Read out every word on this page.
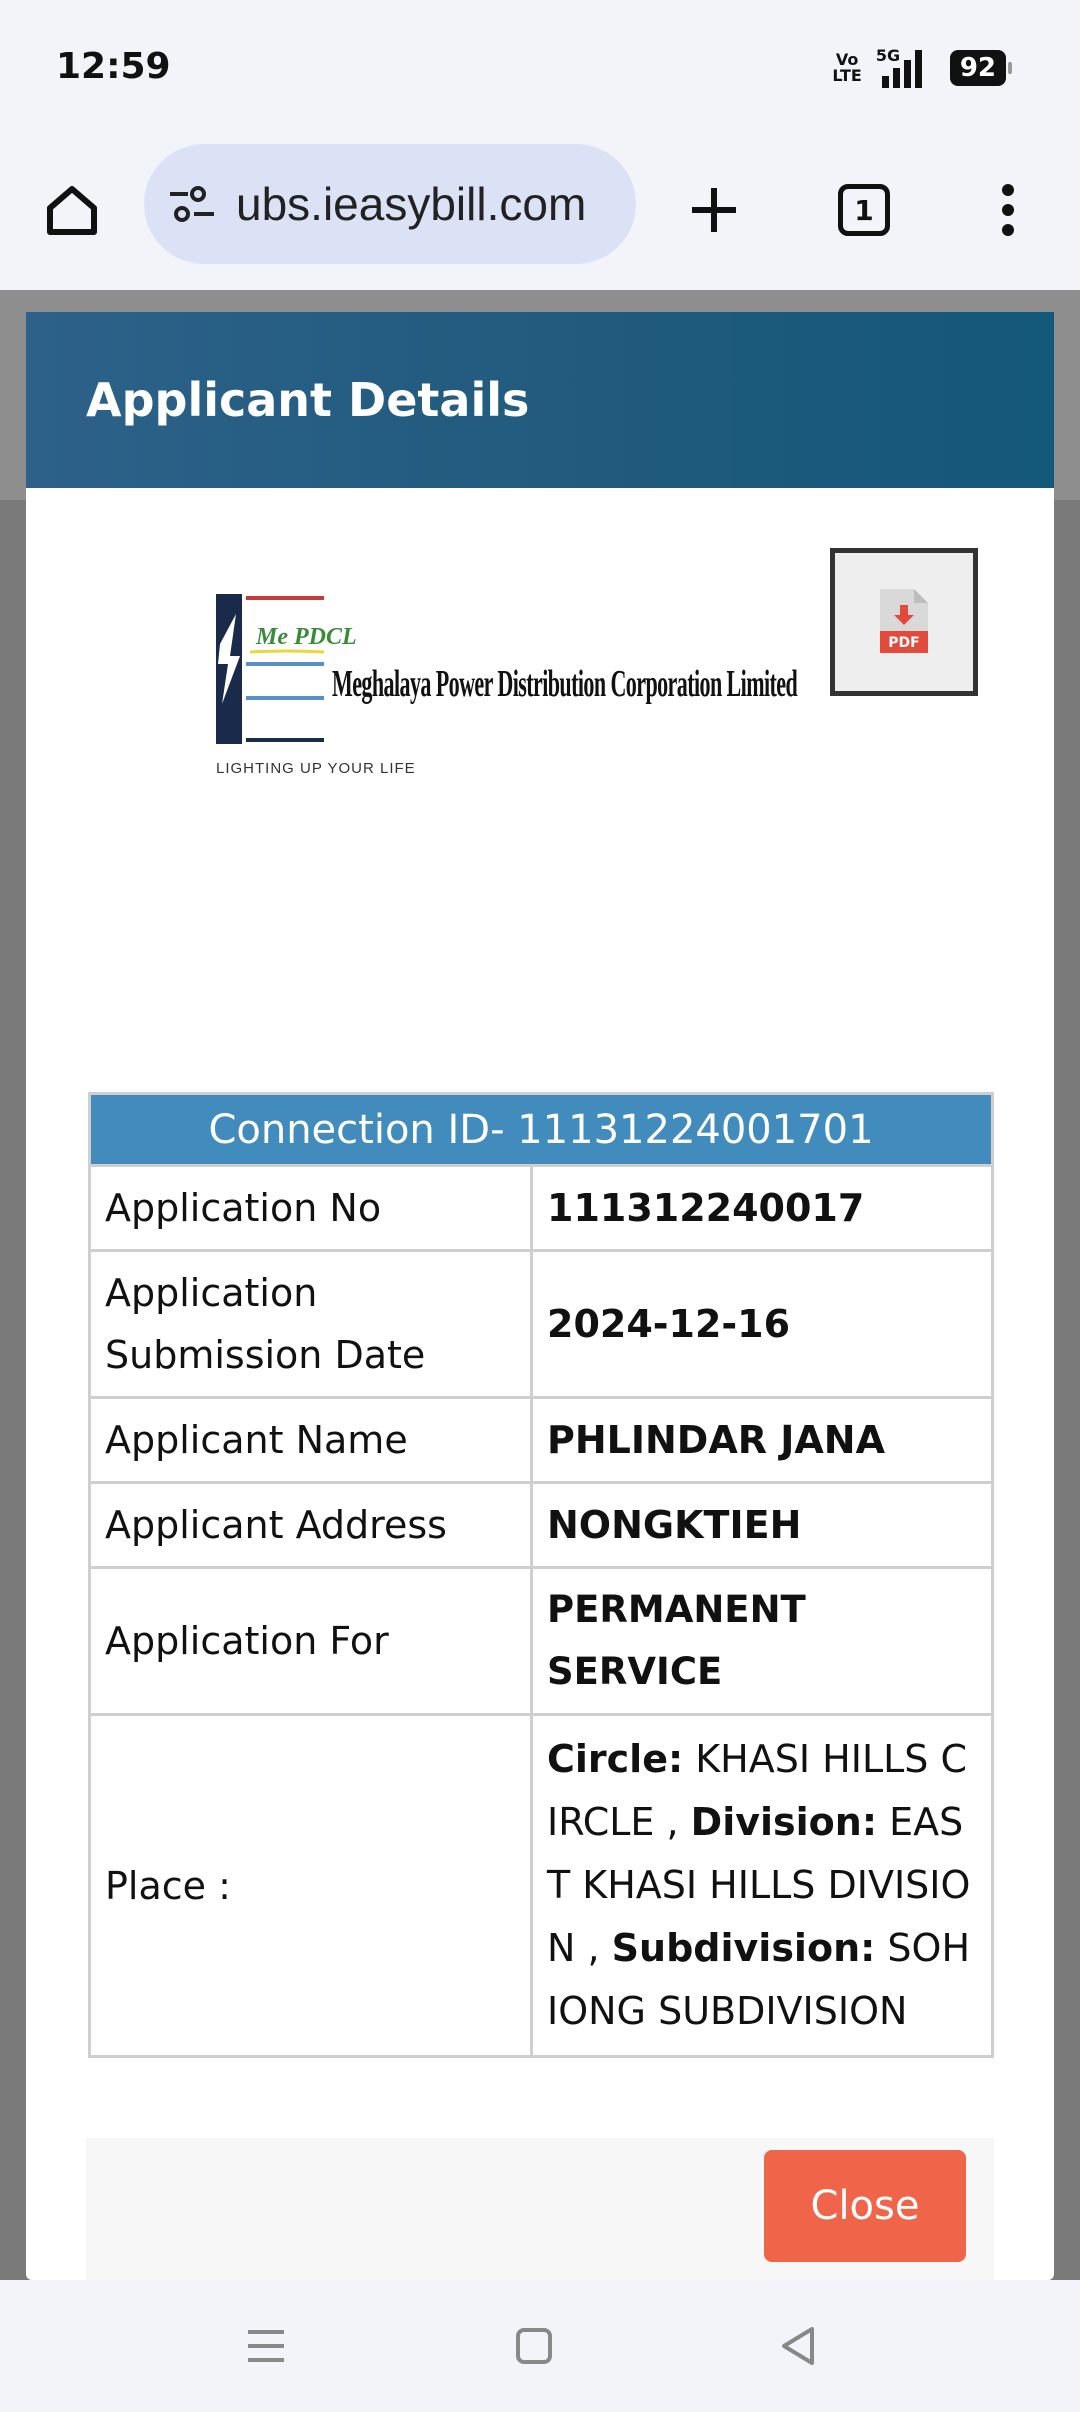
12:59	Vo
LTE
5G	92
ubs.ieasybill.com	1
Applicant Details
Me PDCL
Meghalaya Power Distribution Corporation Limited
LIGHTING UP YOUR LIFE
PDF
Connection ID- 11131224001701	
Application No	111312240017
Application Submission Date	2024-12-16
Applicant Name	PHLINDAR JANA
Applicant Address	NONGKTIEH
Application For	PERMANENT SERVICE
Place :	Circle: KHASI HILLS CIRCLE , Division: EAST KHASI HILLS DIVISION , Subdivision: SOHIONG SUBDIVISION
Close
